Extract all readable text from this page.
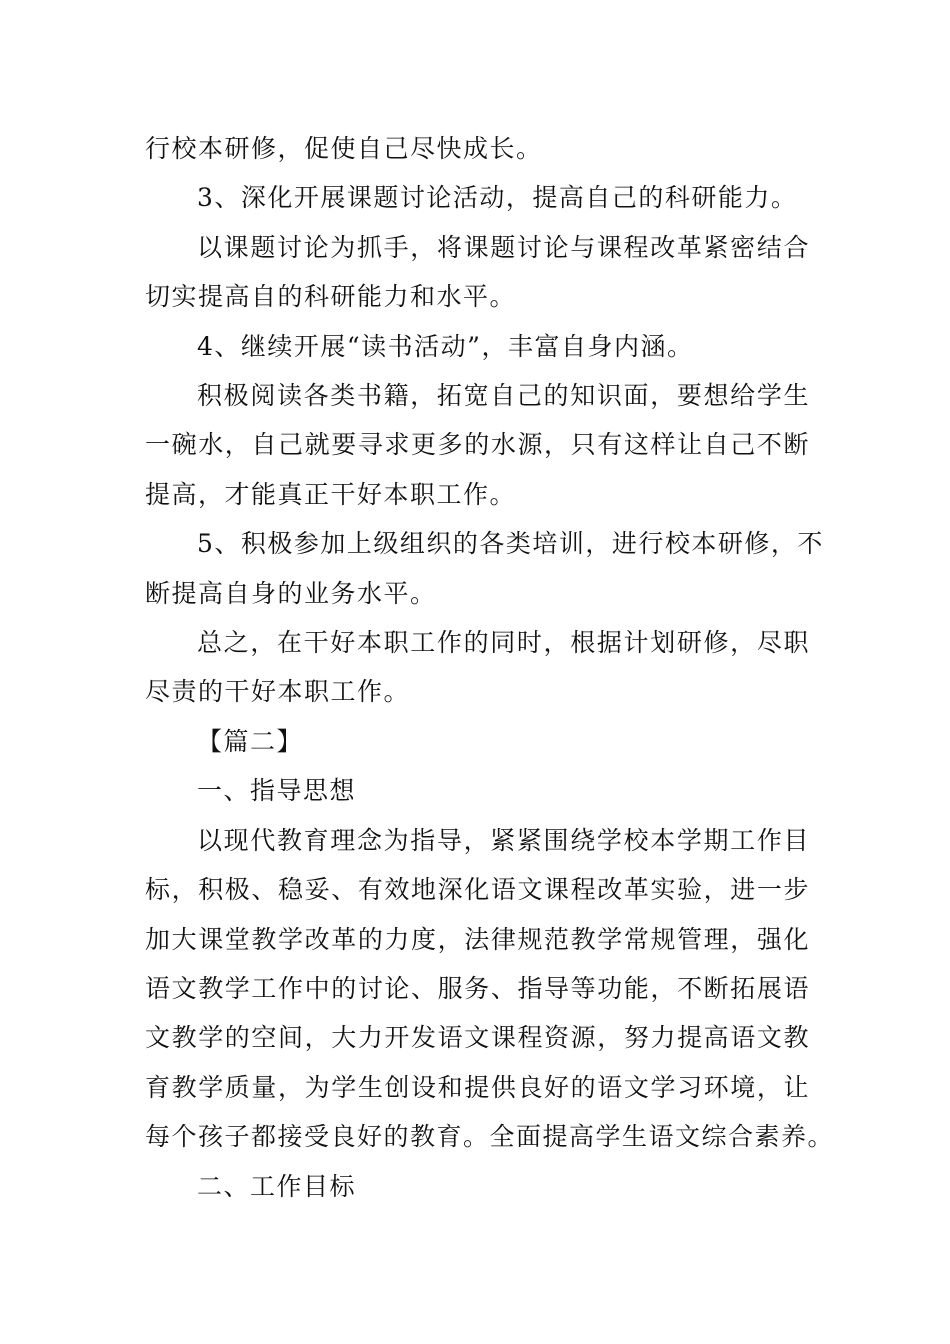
行校本研修，促使自己尽快成长。

3、深化开展课题讨论活动，提高自己的科研能力。

以课题讨论为抓手，将课题讨论与课程改革紧密结合
切实提高自的科研能力和水平。

4、继续开展“读书活动”，丰富自身内涵。

积极阅读各类书籍，拓宽自己的知识面，要想给学生
一碗水，自己就要寻求更多的水源，只有这样让自己不断
提高，才能真正干好本职工作。

5、积极参加上级组织的各类培训，进行校本研修，不
断提高自身的业务水平。

总之，在干好本职工作的同时，根据计划研修，尽职
尽责的干好本职工作。

【篇二】

一、指导思想

以现代教育理念为指导，紧紧围绕学校本学期工作目
标，积极、稳妥、有效地深化语文课程改革实验，进一步
加大课堂教学改革的力度，法律规范教学常规管理，强化
语文教学工作中的讨论、服务、指导等功能，不断拓展语
文教学的空间，大力开发语文课程资源，努力提高语文教
育教学质量，为学生创设和提供良好的语文学习环境，让
每个孩子都接受良好的教育。全面提高学生语文综合素养。

二、工作目标
